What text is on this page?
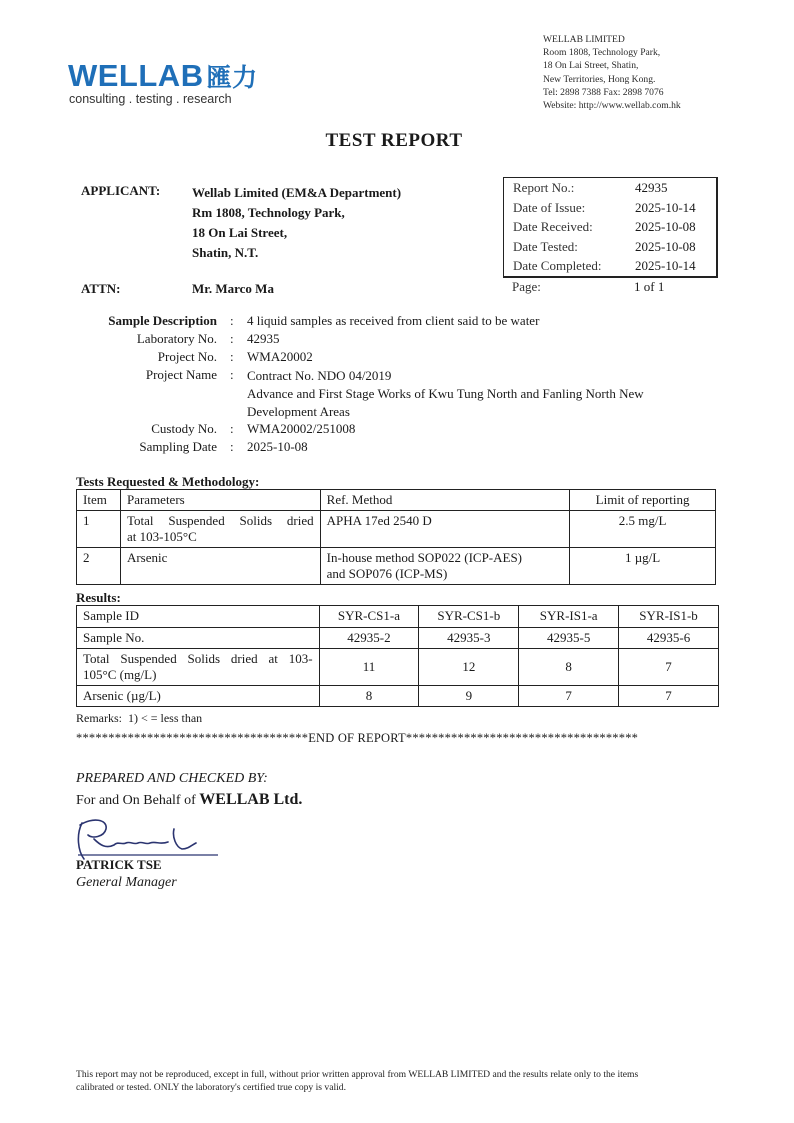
WELLAB 匯力
consulting . testing . research
WELLAB LIMITED
Room 1808, Technology Park,
18 On Lai Street, Shatin,
New Territories, Hong Kong.
Tel: 2898 7388 Fax: 2898 7076
Website: http://www.wellab.com.hk
TEST REPORT
APPLICANT: Wellab Limited (EM&A Department)
Rm 1808, Technology Park,
18 On Lai Street,
Shatin, N.T.
ATTN:	Mr. Marco Ma
Report No.:	42935
Date of Issue:	2025-10-14
Date Received:	2025-10-08
Date Tested:	2025-10-08
Date Completed:	2025-10-14
Page:	1 of 1
Sample Description : 4 liquid samples as received from client said to be water
Laboratory No. : 42935
Project No. : WMA20002
Project Name : Contract No. NDO 04/2019
Advance and First Stage Works of Kwu Tung North and Fanling North New
Development Areas
Custody No. : WMA20002/251008
Sampling Date : 2025-10-08
Tests Requested & Methodology:
Item	Parameters	Ref. Method	Limit of reporting
1	Total Suspended Solids dried
at 103-105°C	APHA 17ed 2540 D	2.5 mg/L
2	Arsenic	In-house method SOP022 (ICP-AES)
and SOP076 (ICP-MS)	1 µg/L
Results:
Sample ID	SYR-CS1-a	SYR-CS1-b	SYR-IS1-a	SYR-IS1-b
Sample No.	42935-2	42935-3	42935-5	42935-6

Total Suspended Solids dried at 103-
105°C (mg/L)	11	12	8	7
Arsenic (µg/L)	8	9	7	7
Remarks:  1) < = less than
************************************END OF REPORT************************************
PREPARED AND CHECKED BY:
For and On Behalf of WELLAB Ltd.
PATRICK TSE
General Manager
This report may not be reproduced, except in full, without prior written approval from WELLAB LIMITED and the results relate only to the items
calibrated or tested. ONLY the laboratory's certified true copy is valid.
